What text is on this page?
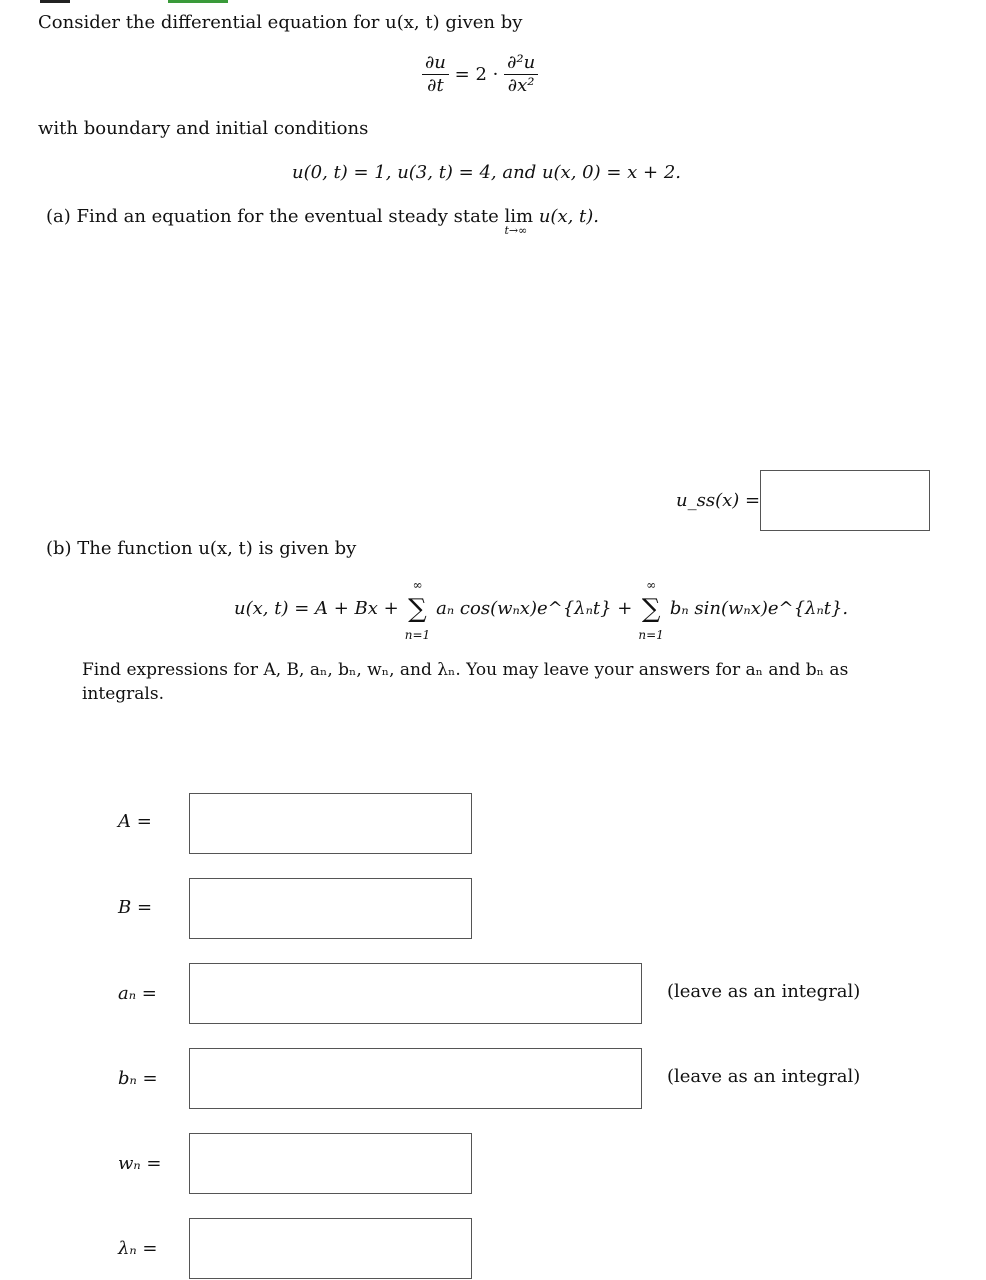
Consider the differential equation for u(x, t) given by
$\frac{\partial u}{\partial t} = 2 \cdot \frac{\text{∂²u}}{\text{∂x²}}$
with boundary and initial conditions
u(0, t) = 1, u(3, t) = 4, and u(x, 0) = x + 2.
(a) Find an equation for the eventual steady state lim
t→∞
u(x, t).
u_ss(x) =
(b) The function u(x, t) is given by
u(x, t) = A + Bx +
∞
∑
n=1
aₙ cos(wₙx)e^{λₙt} +
∞
∑
n=1
bₙ sin(wₙx)e^{λₙt}.
Find expressions for A, B, aₙ, bₙ, wₙ, and λₙ. You may leave your answers for aₙ and bₙ as
integrals.
A =
B =
aₙ =	(leave as an integral)
bₙ =	(leave as an integral)
wₙ =
λₙ =
